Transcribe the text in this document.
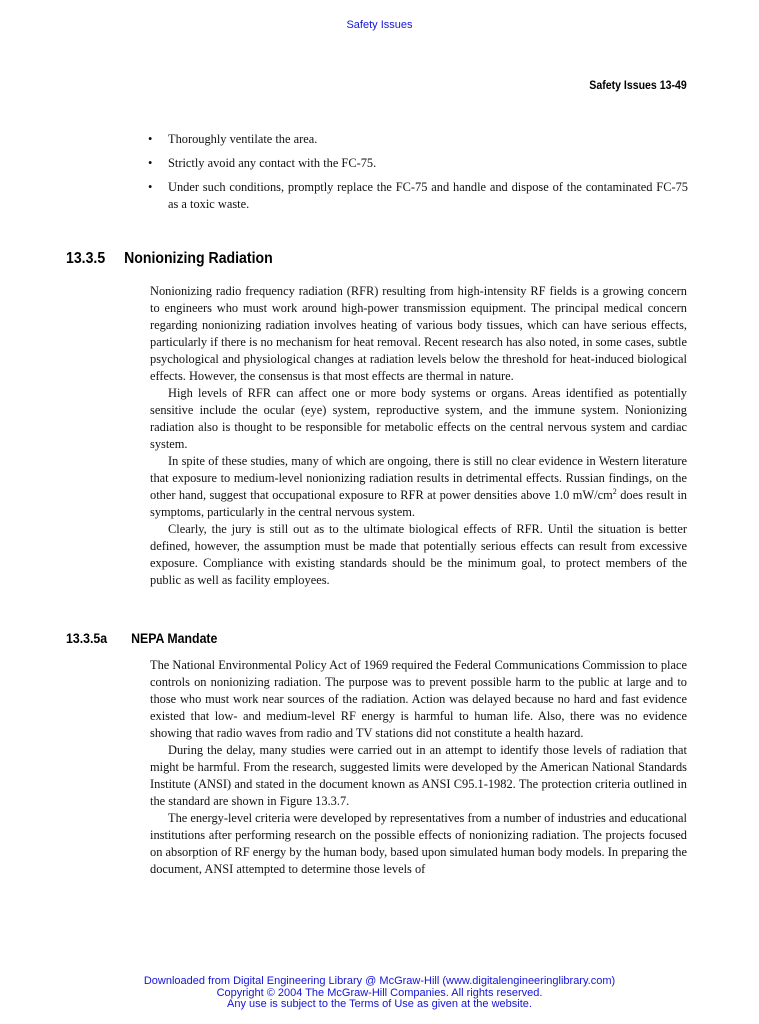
Safety Issues
Safety Issues 13-49
• Thoroughly ventilate the area.
• Strictly avoid any contact with the FC-75.
• Under such conditions, promptly replace the FC-75 and handle and dispose of the contaminated FC-75 as a toxic waste.
13.3.5 Nonionizing Radiation

Nonionizing radio frequency radiation (RFR) resulting from high-intensity RF fields is a growing concern to engineers who must work around high-power transmission equipment. The principal medical concern regarding nonionizing radiation involves heating of various body tissues, which can have serious effects, particularly if there is no mechanism for heat removal. Recent research has also noted, in some cases, subtle psychological and physiological changes at radiation levels below the threshold for heat-induced biological effects. However, the consensus is that most effects are thermal in nature.

High levels of RFR can affect one or more body systems or organs. Areas identified as potentially sensitive include the ocular (eye) system, reproductive system, and the immune system. Nonionizing radiation also is thought to be responsible for metabolic effects on the central nervous system and cardiac system.

In spite of these studies, many of which are ongoing, there is still no clear evidence in Western literature that exposure to medium-level nonionizing radiation results in detrimental effects. Russian findings, on the other hand, suggest that occupational exposure to RFR at power densities above 1.0 $mW/cm^2$ does result in symptoms, particularly in the central nervous system.

Clearly, the jury is still out as to the ultimate biological effects of RFR. Until the situation is better defined, however, the assumption must be made that potentially serious effects can result from excessive exposure. Compliance with existing standards should be the minimum goal, to protect members of the public as well as facility employees.

13.3.5a NEPA Mandate

The National Environmental Policy Act of 1969 required the Federal Communications Commission to place controls on nonionizing radiation. The purpose was to prevent possible harm to the public at large and to those who must work near sources of the radiation. Action was delayed because no hard and fast evidence existed that low- and medium-level RF energy is harmful to human life. Also, there was no evidence showing that radio waves from radio and TV stations did not constitute a health hazard.

During the delay, many studies were carried out in an attempt to identify those levels of radiation that might be harmful. From the research, suggested limits were developed by the American National Standards Institute (ANSI) and stated in the document known as ANSI C95.1-1982. The protection criteria outlined in the standard are shown in Figure 13.3.7.

The energy-level criteria were developed by representatives from a number of industries and educational institutions after performing research on the possible effects of nonionizing radiation. The projects focused on absorption of RF energy by the human body, based upon simulated human body models. In preparing the document, ANSI attempted to determine those levels of

Downloaded from Digital Engineering Library @ McGraw-Hill (www.digitalengineeringlibrary.com)
Copyright © 2004 The McGraw-Hill Companies. All rights reserved.
Any use is subject to the Terms of Use as given at the website.
